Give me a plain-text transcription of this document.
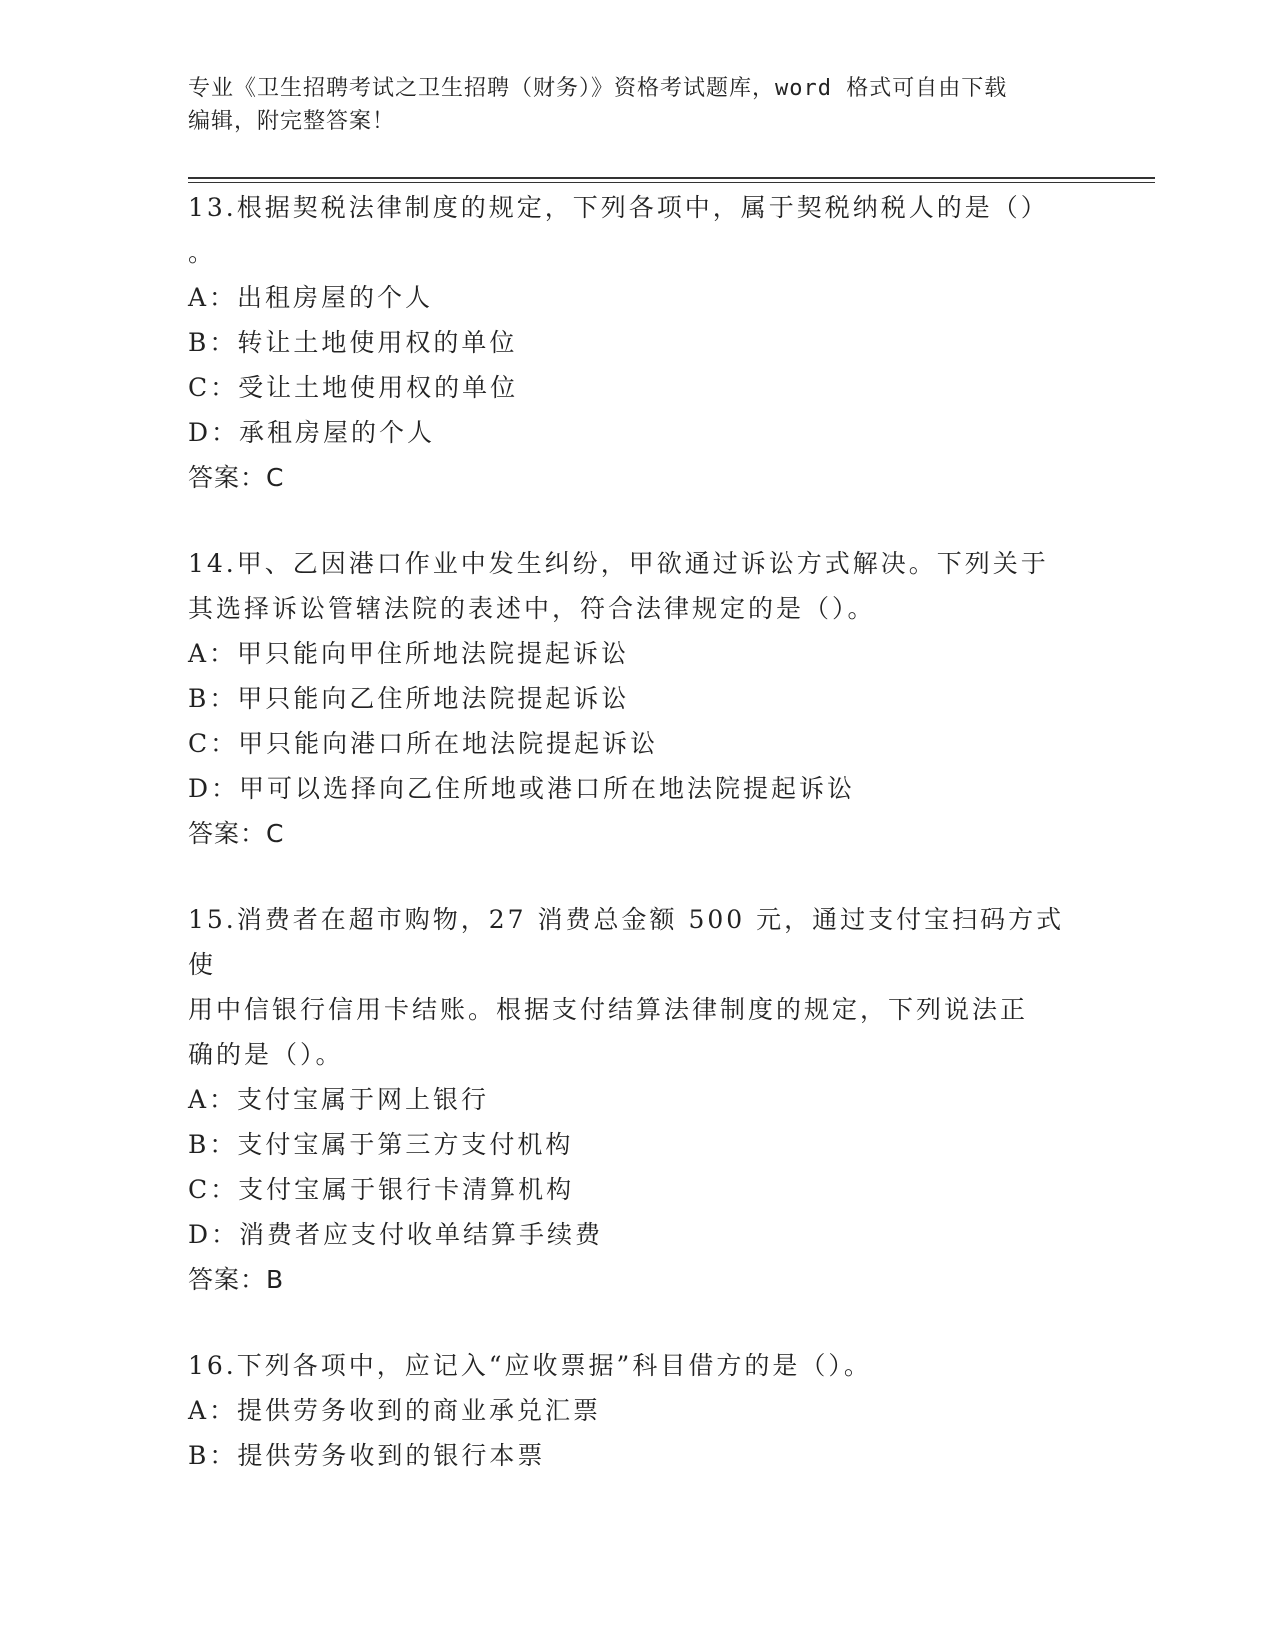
专业《卫生招聘考试之卫生招聘（财务）》资格考试题库，word 格式可自由下载
编辑，附完整答案！
13.根据契税法律制度的规定，下列各项中，属于契税纳税人的是（）
。
A：出租房屋的个人
B：转让土地使用权的单位
C：受让土地使用权的单位
D：承租房屋的个人
答案：C
14.甲、乙因港口作业中发生纠纷，甲欲通过诉讼方式解决。下列关于
其选择诉讼管辖法院的表述中，符合法律规定的是（）。
A：甲只能向甲住所地法院提起诉讼
B：甲只能向乙住所地法院提起诉讼
C：甲只能向港口所在地法院提起诉讼
D：甲可以选择向乙住所地或港口所在地法院提起诉讼
答案：C
15.消费者在超市购物，27 消费总金额 500 元，通过支付宝扫码方式使
用中信银行信用卡结账。根据支付结算法律制度的规定，下列说法正
确的是（）。
A：支付宝属于网上银行
B：支付宝属于第三方支付机构
C：支付宝属于银行卡清算机构
D：消费者应支付收单结算手续费
答案：B
16.下列各项中，应记入“应收票据”科目借方的是（）。
A：提供劳务收到的商业承兑汇票
B：提供劳务收到的银行本票
